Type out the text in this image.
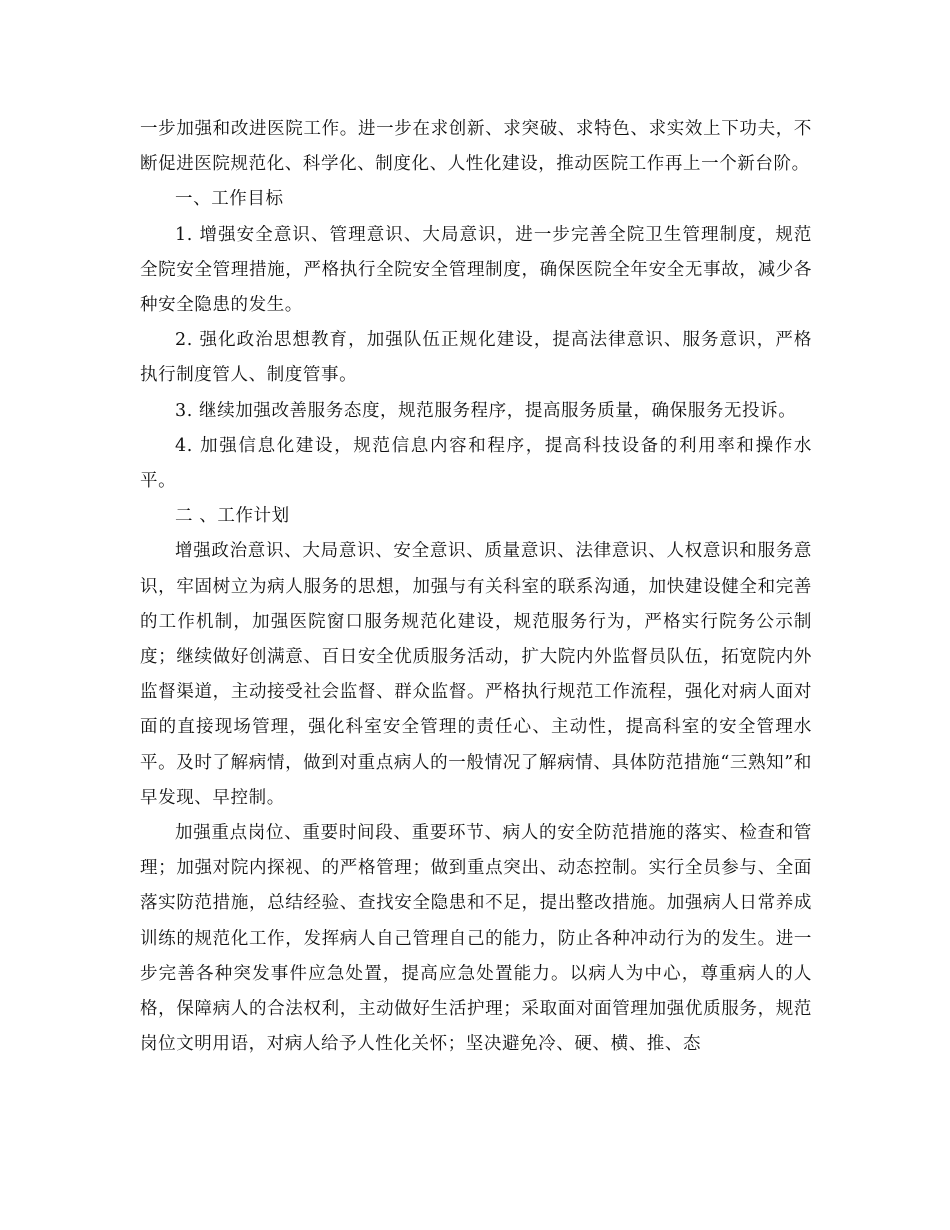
一步加强和改进医院工作。进一步在求创新、求突破、求特色、求实效上下功夫，不断促进医院规范化、科学化、制度化、人性化建设，推动医院工作再上一个新台阶。

一、工作目标

1. 增强安全意识、管理意识、大局意识，进一步完善全院卫生管理制度，规范全院安全管理措施，严格执行全院安全管理制度，确保医院全年安全无事故，减少各种安全隐患的发生。

2. 强化政治思想教育，加强队伍正规化建设，提高法律意识、服务意识，严格执行制度管人、制度管事。

3. 继续加强改善服务态度，规范服务程序，提高服务质量，确保服务无投诉。

4. 加强信息化建设，规范信息内容和程序，提高科技设备的利用率和操作水平。

二 、工作计划

增强政治意识、大局意识、安全意识、质量意识、法律意识、人权意识和服务意识，牢固树立为病人服务的思想，加强与有关科室的联系沟通，加快建设健全和完善的工作机制，加强医院窗口服务规范化建设，规范服务行为，严格实行院务公示制度；继续做好创满意、百日安全优质服务活动，扩大院内外监督员队伍，拓宽院内外监督渠道，主动接受社会监督、群众监督。严格执行规范工作流程，强化对病人面对面的直接现场管理，强化科室安全管理的责任心、主动性，提高科室的安全管理水平。及时了解病情，做到对重点病人的一般情况了解病情、具体防范措施“三熟知”和早发现、早控制。

加强重点岗位、重要时间段、重要环节、病人的安全防范措施的落实、检查和管理；加强对院内探视、的严格管理；做到重点突出、动态控制。实行全员参与、全面落实防范措施，总结经验、查找安全隐患和不足，提出整改措施。加强病人日常养成训练的规范化工作，发挥病人自己管理自己的能力，防止各种冲动行为的发生。进一步完善各种突发事件应急处置，提高应急处置能力。以病人为中心，尊重病人的人格，保障病人的合法权利，主动做好生活护理；采取面对面管理加强优质服务，规范岗位文明用语，对病人给予人性化关怀；坚决避免冷、硬、横、推、态
